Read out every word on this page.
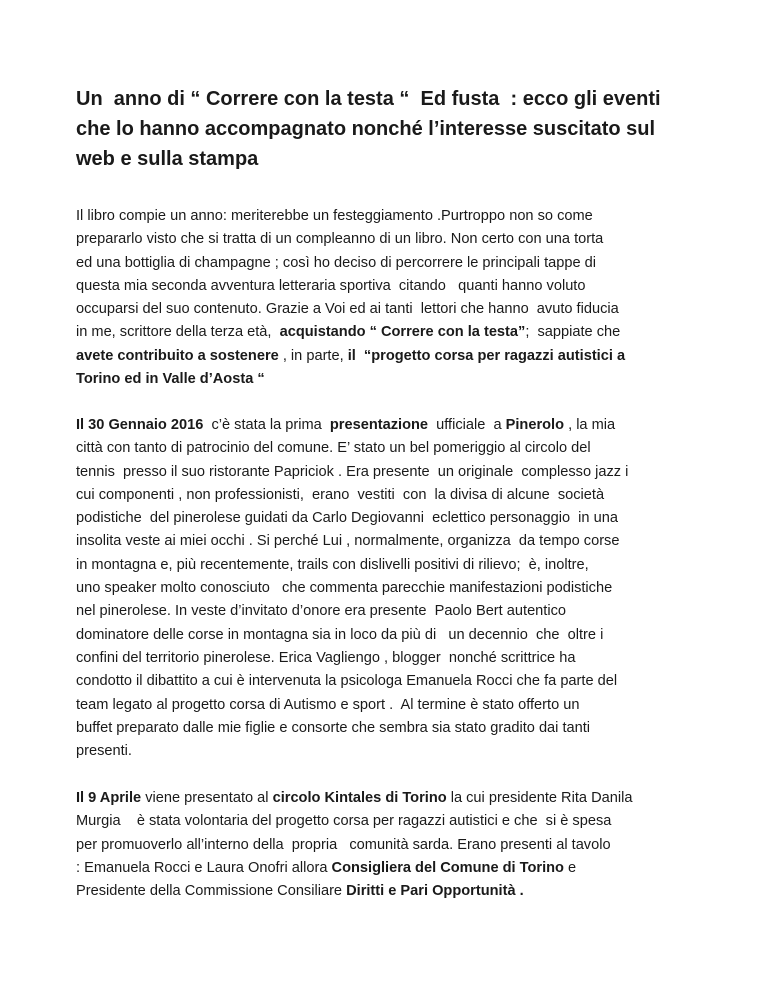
Un  anno di “ Correre con la testa “  Ed fusta  : ecco gli eventi
che lo hanno accompagnato nonché l’interesse suscitato sul
web e sulla stampa

Il libro compie un anno: meriterebbe un festeggiamento .Purtroppo non so come
prepararlo visto che si tratta di un compleanno di un libro. Non certo con una torta
ed una bottiglia di champagne ; così ho deciso di percorrere le principali tappe di
questa mia seconda avventura letteraria sportiva  citando   quanti hanno voluto
occuparsi del suo contenuto. Grazie a Voi ed ai tanti  lettori che hanno  avuto fiducia
in me, scrittore della terza età,  acquistando “ Correre con la testa”;  sappiate che
avete contribuito a sostenere , in parte, il  “progetto corsa per ragazzi autistici a
Torino ed in Valle d’Aosta “

Il 30 Gennaio 2016  c’è stata la prima  presentazione  ufficiale  a Pinerolo , la mia
città con tanto di patrocinio del comune. E’ stato un bel pomeriggio al circolo del
tennis  presso il suo ristorante Papriciok . Era presente  un originale  complesso jazz i
cui componenti , non professionisti,  erano  vestiti  con  la divisa di alcune  società
podistiche  del pinerolese guidati da Carlo Degiovanni  eclettico personaggio  in una
insolita veste ai miei occhi . Si perché Lui , normalmente, organizza  da tempo corse
in montagna e, più recentemente, trails con dislivelli positivi di rilievo;  è, inoltre,
uno speaker molto conosciuto   che commenta parecchie manifestazioni podistiche
nel pinerolese. In veste d’invitato d’onore era presente  Paolo Bert autentico
dominatore delle corse in montagna sia in loco da più di   un decennio  che  oltre i
confini del territorio pinerolese. Erica Vagliengo , blogger  nonché scrittrice ha
condotto il dibattito a cui è intervenuta la psicologa Emanuela Rocci che fa parte del
team legato al progetto corsa di Autismo e sport .  Al termine è stato offerto un
buffet preparato dalle mie figlie e consorte che sembra sia stato gradito dai tanti
presenti.

Il 9 Aprile viene presentato al circolo Kintales di Torino la cui presidente Rita Danila
Murgia    è stata volontaria del progetto corsa per ragazzi autistici e che  si è spesa
per promuoverlo all’interno della  propria   comunità sarda. Erano presenti al tavolo
: Emanuela Rocci e Laura Onofri allora Consigliera del Comune di Torino e
Presidente della Commissione Consiliare Diritti e Pari Opportunità .
